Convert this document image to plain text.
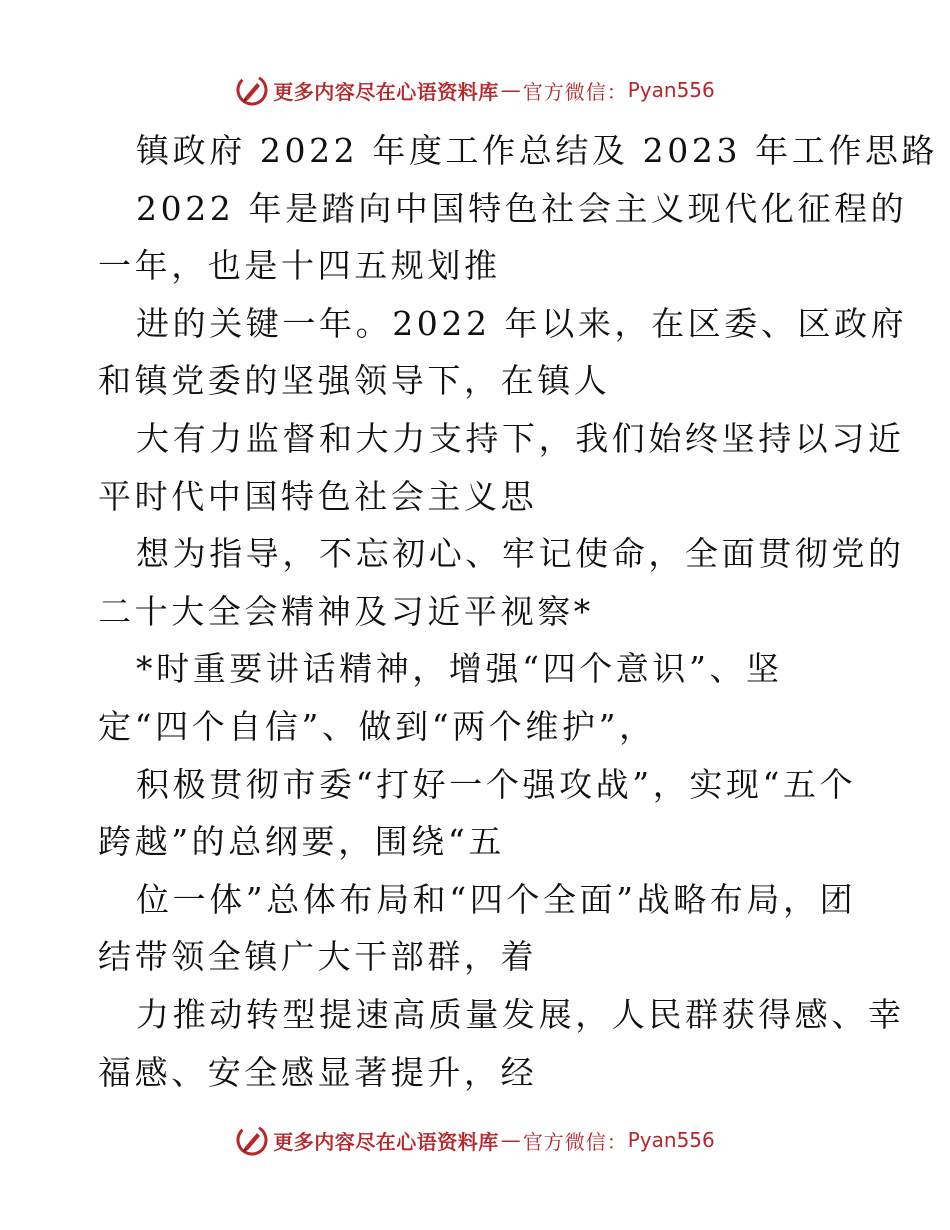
更多内容尽在心语资料库 — 官方微信： Pyan556
镇政府 2022 年度工作总结及 2023 年工作思路
2022 年是踏向中国特色社会主义现代化征程的
一年，也是十四五规划推
进的关键一年。2022 年以来，在区委、区政府
和镇党委的坚强领导下，在镇人
大有力监督和大力支持下，我们始终坚持以习近
平时代中国特色社会主义思
想为指导，不忘初心、牢记使命，全面贯彻党的
二十大全会精神及习近平视察*
*时重要讲话精神，增强“四个意识”、坚
定“四个自信”、做到“两个维护”，
积极贯彻市委“打好一个强攻战”，实现“五个
跨越”的总纲要，围绕“五
位一体”总体布局和“四个全面”战略布局，团
结带领全镇广大干部群，着
力推动转型提速高质量发展，人民群获得感、幸
福感、安全感显著提升，经
更多内容尽在心语资料库 — 官方微信： Pyan556
